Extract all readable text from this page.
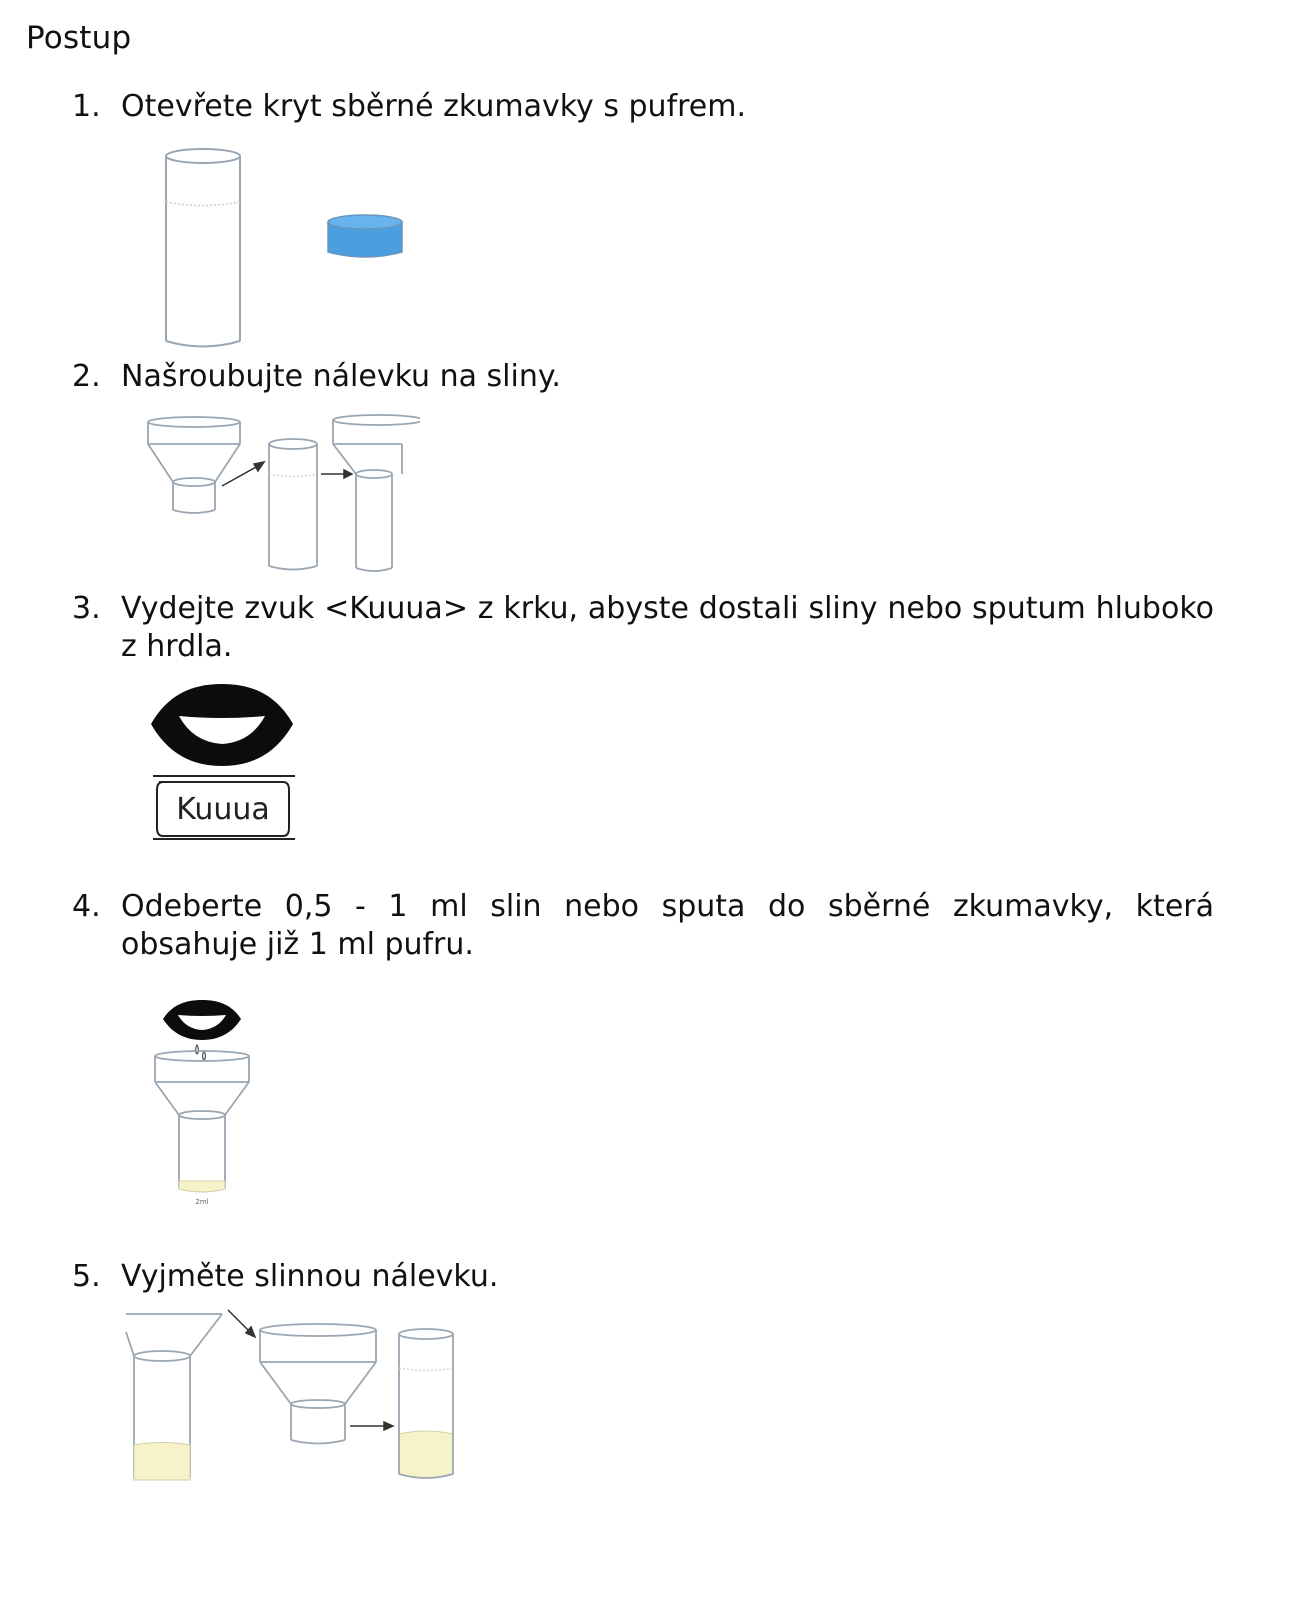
Postup
1. Otevřete kryt sběrné zkumavky s pufrem.
2. Našroubujte nálevku na sliny.
3. Vydejte zvuk <Kuuua> z krku, abyste dostali sliny nebo sputum hluboko z hrdla.
Kuuua
4. Odeberte 0,5 - 1 ml slin nebo sputa do sběrné zkumavky, která obsahuje již 1 ml pufru.
2ml
5. Vyjměte slinnou nálevku.
